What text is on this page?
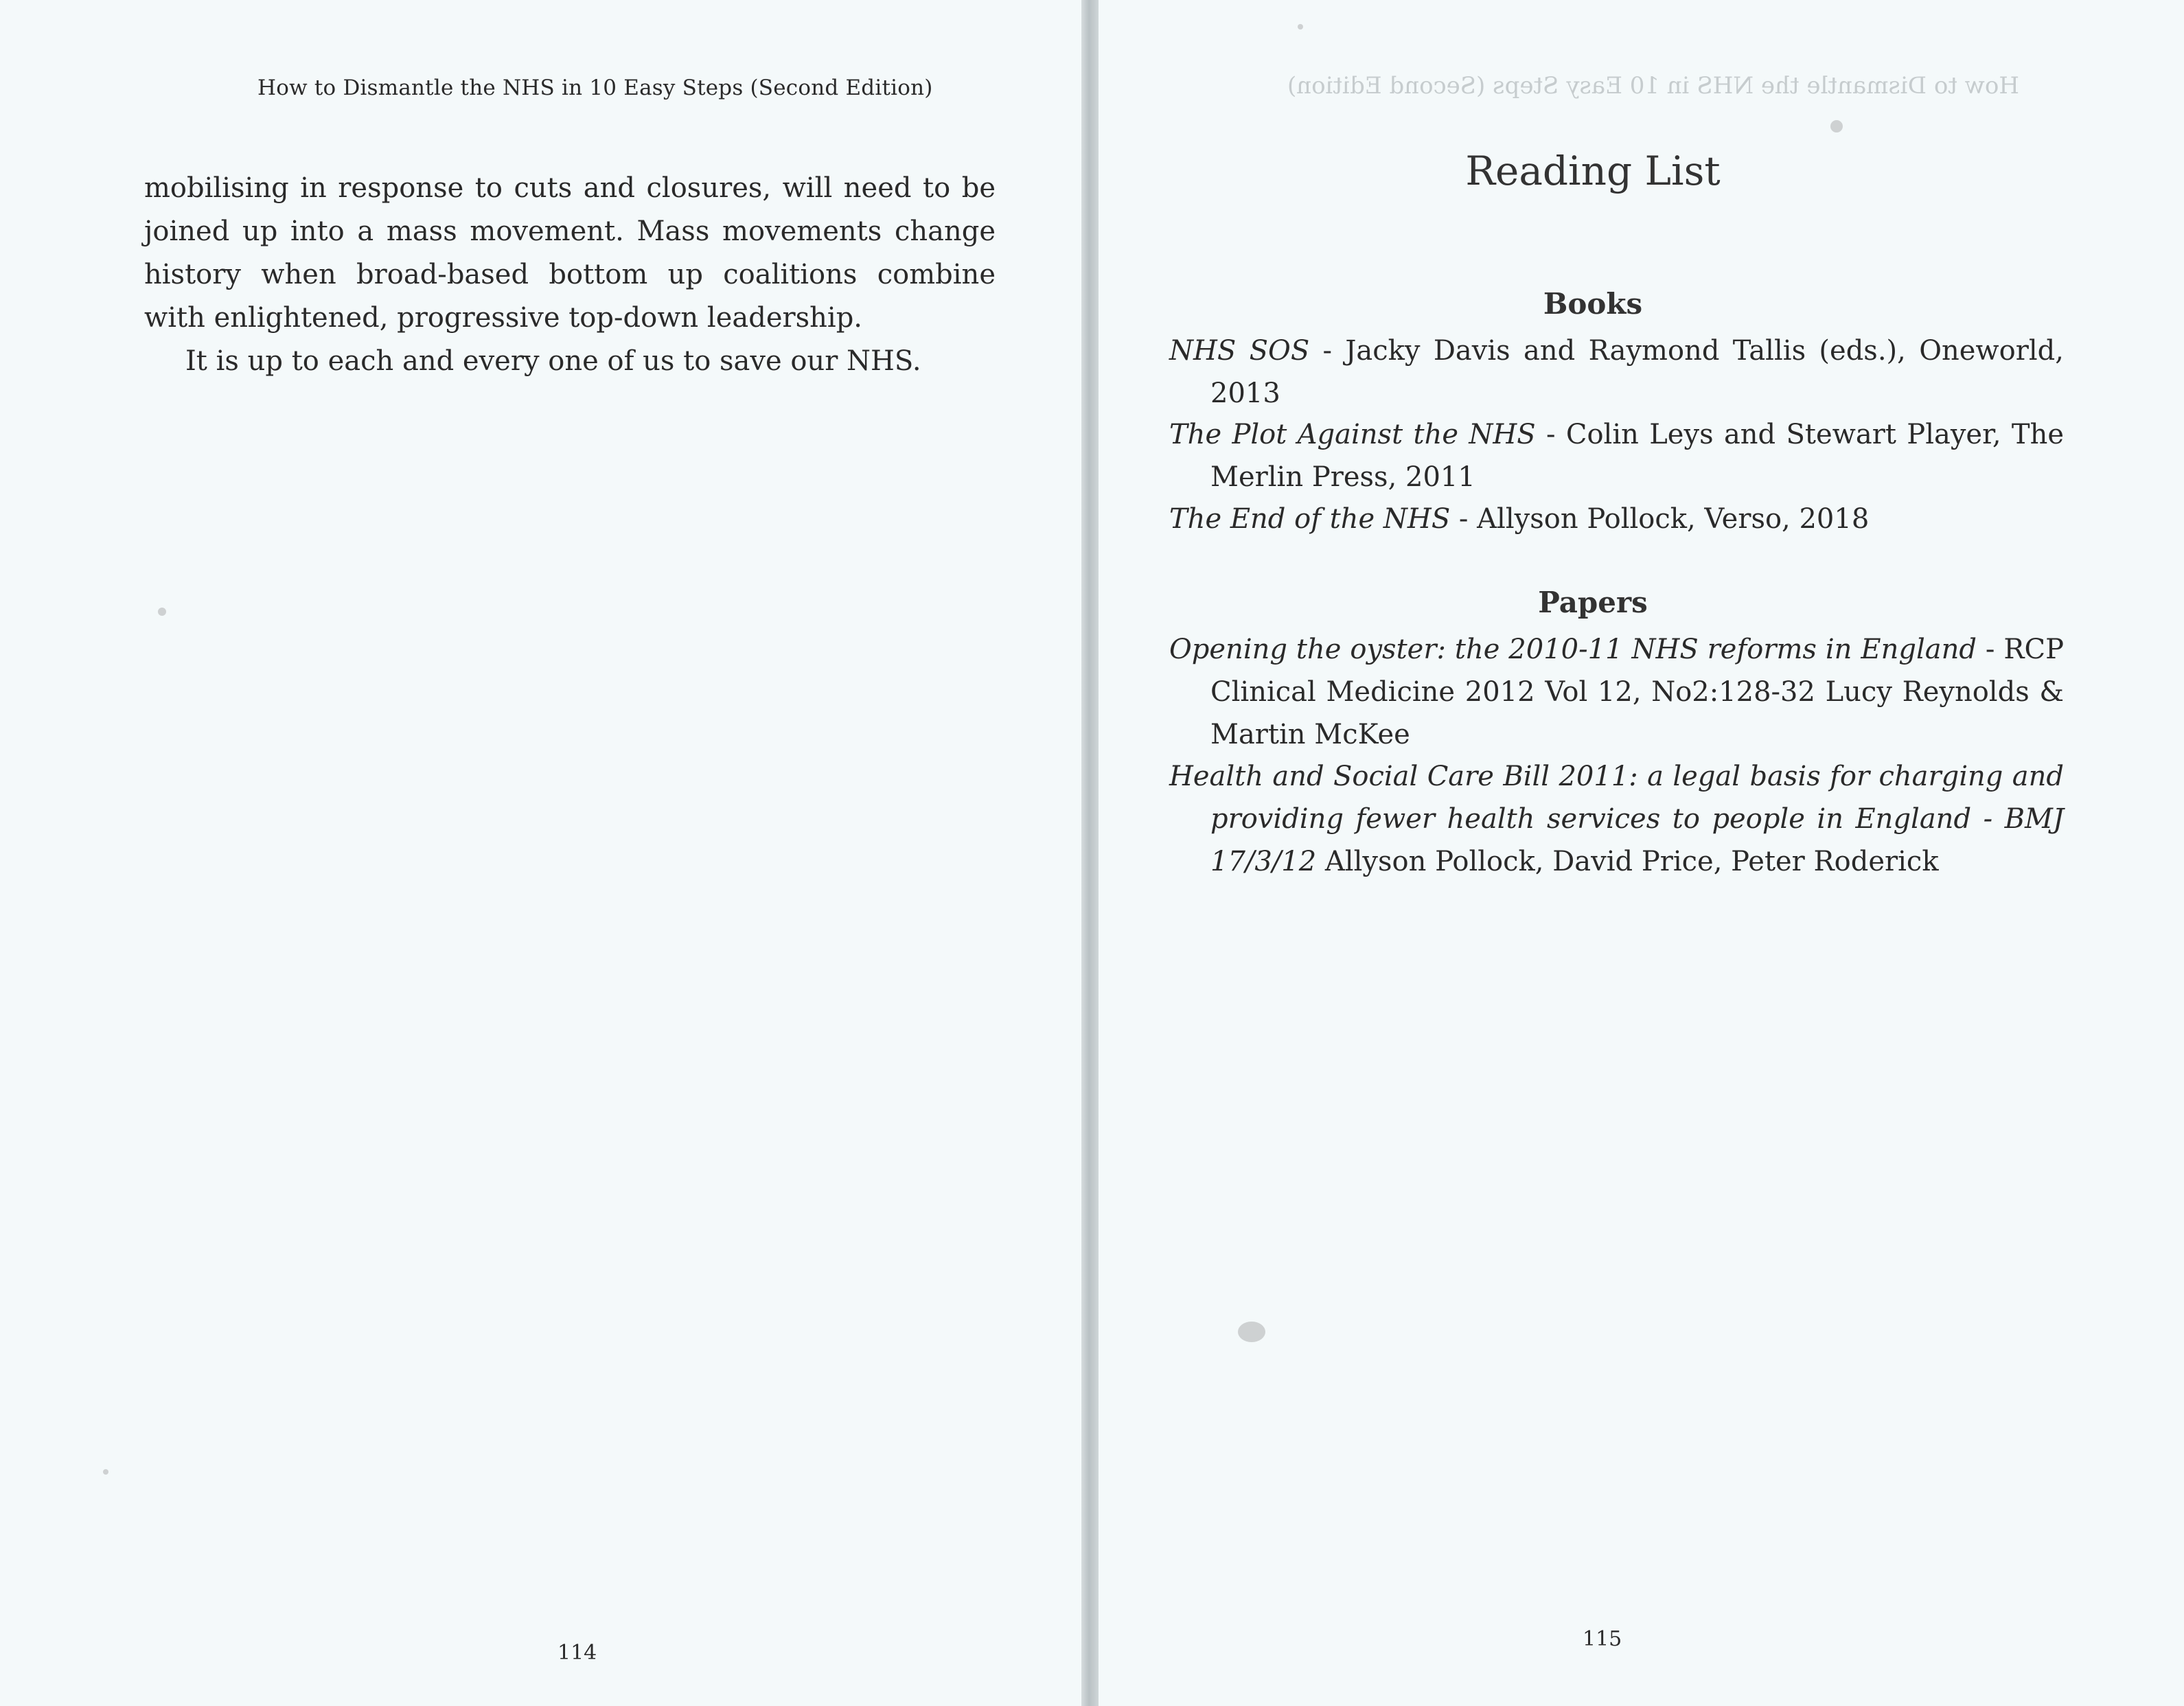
How to Dismantle the NHS in 10 Easy Steps (Second Edition)

mobilising in response to cuts and closures, will need to be joined up into a mass movement. Mass movements change history when broad-based bottom up coalitions combine with enlightened, progressive top-down leadership.

It is up to each and every one of us to save our NHS.

114
How to Dismantle the NHS in 10 Easy Steps (Second Edition)
Reading List
Books
NHS SOS - Jacky Davis and Raymond Tallis (eds.), Oneworld, 2013
The Plot Against the NHS - Colin Leys and Stewart Player, The Merlin Press, 2011
The End of the NHS - Allyson Pollock, Verso, 2018
Papers
Opening the oyster: the 2010-11 NHS reforms in England - RCP Clinical Medicine 2012 Vol 12, No2:128-32 Lucy Reynolds & Martin McKee
Health and Social Care Bill 2011: a legal basis for charging and providing fewer health services to people in England - BMJ 17/3/12 Allyson Pollock, David Price, Peter Roderick
115
